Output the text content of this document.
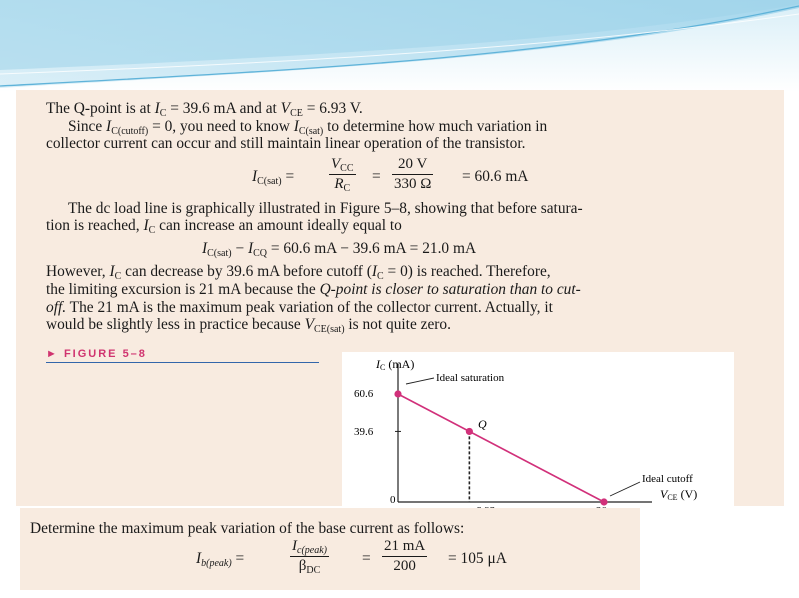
The Q-point is at $I_C = 39.6$ mA and at $V_{CE} = 6.93$ V.
Since $I_{C(cutoff)} = 0$, you need to know $I_{C(sat)}$ to determine how much variation in
collector current can occur and still maintain linear operation of the transistor.
$I_{C(sat)}$ =
$V_{CC}$
$R_C$
=
20 V
330 Ω = 60.6 mA
The dc load line is graphically illustrated in Figure 5–8, showing that before satura-
tion is reached, $I_C$ can increase an amount ideally equal to
$I_{C(sat)} - I_{CQ} = 60.6$ mA − 39.6 mA = 21.0 mA
However, $I_C$ can decrease by 39.6 mA before cutoff $(I_C = 0)$ is reached. Therefore,
the limiting excursion is 21 mA because the Q-point is closer to saturation than to cut-
off. The 21 mA is the maximum peak variation of the collector current. Actually, it
would be slightly less in practice because $V_{CE(sat)}$ is not quite zero.
► FIGURE 5–8
IC (mA)
VCE (V)
60.6
39.6
0
Ideal saturation
Ideal cutoff
Q
Determine the maximum peak variation of the base current as follows:
$I_{b(peak)}$ =
$I_{c(peak)}$
$\beta_{DC}$
=
21 mA
200	= 105 μA
